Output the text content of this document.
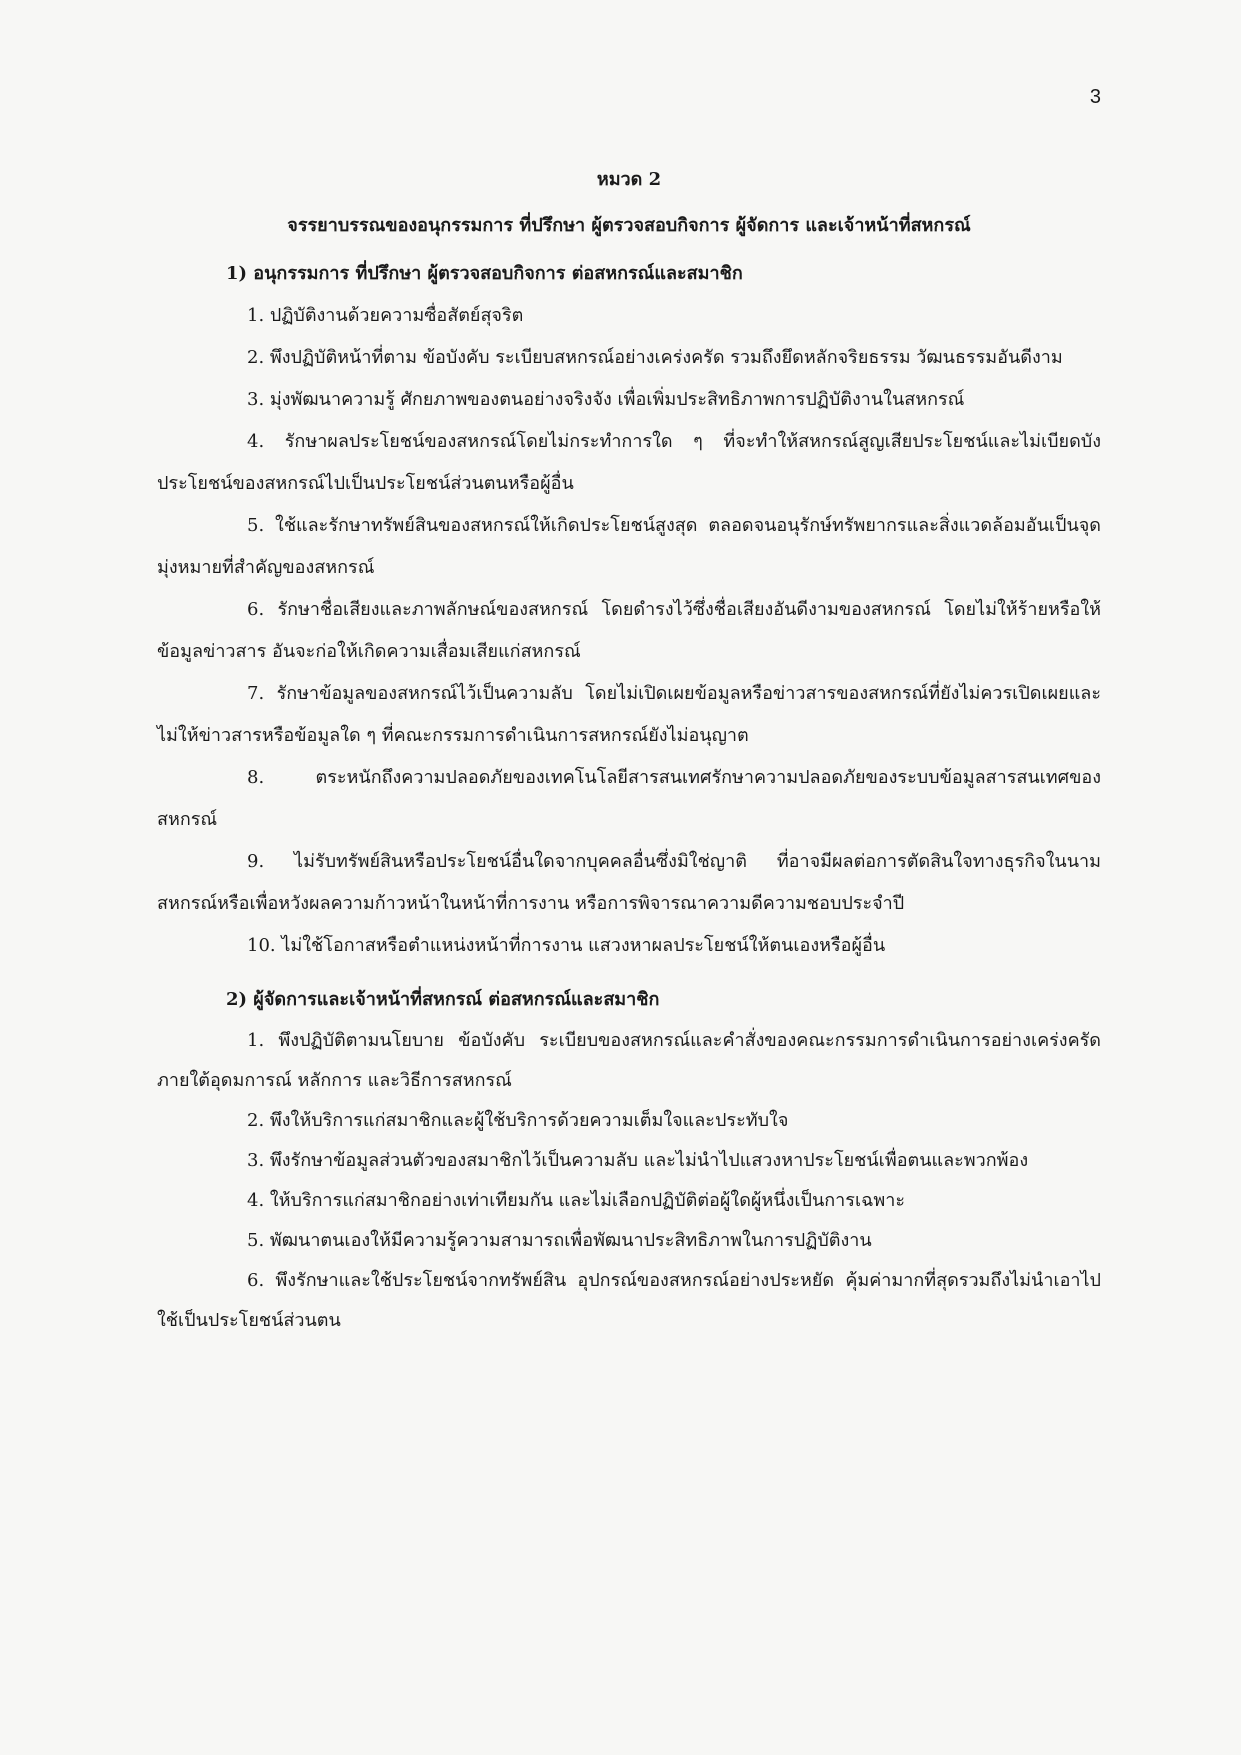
3

หมวด 2

จรรยาบรรณของอนุกรรมการ ที่ปรึกษา ผู้ตรวจสอบกิจการ ผู้จัดการ และเจ้าหน้าที่สหกรณ์

1) อนุกรรมการ ที่ปรึกษา ผู้ตรวจสอบกิจการ ต่อสหกรณ์และสมาชิก

1. ปฏิบัติงานด้วยความซื่อสัตย์สุจริต

2. พึงปฏิบัติหน้าที่ตาม ข้อบังคับ ระเบียบสหกรณ์อย่างเคร่งครัด รวมถึงยึดหลักจริยธรรม วัฒนธรรมอันดีงาม

3. มุ่งพัฒนาความรู้ ศักยภาพของตนอย่างจริงจัง เพื่อเพิ่มประสิทธิภาพการปฏิบัติงานในสหกรณ์

4. รักษาผลประโยชน์ของสหกรณ์โดยไม่กระทำการใด ๆ ที่จะทำให้สหกรณ์สูญเสียประโยชน์และไม่เบียดบังประโยชน์ของสหกรณ์ไปเป็นประโยชน์ส่วนตนหรือผู้อื่น

5. ใช้และรักษาทรัพย์สินของสหกรณ์ให้เกิดประโยชน์สูงสุด ตลอดจนอนุรักษ์ทรัพยากรและสิ่งแวดล้อมอันเป็นจุดมุ่งหมายที่สำคัญของสหกรณ์

6. รักษาชื่อเสียงและภาพลักษณ์ของสหกรณ์ โดยดำรงไว้ซึ่งชื่อเสียงอันดีงามของสหกรณ์ โดยไม่ให้ร้ายหรือให้ข้อมูลข่าวสาร อันจะก่อให้เกิดความเสื่อมเสียแก่สหกรณ์

7. รักษาข้อมูลของสหกรณ์ไว้เป็นความลับ โดยไม่เปิดเผยข้อมูลหรือข่าวสารของสหกรณ์ที่ยังไม่ควรเปิดเผยและไม่ให้ข่าวสารหรือข้อมูลใด ๆ ที่คณะกรรมการดำเนินการสหกรณ์ยังไม่อนุญาต

8. ตระหนักถึงความปลอดภัยของเทคโนโลยีสารสนเทศรักษาความปลอดภัยของระบบข้อมูลสารสนเทศของสหกรณ์

9. ไม่รับทรัพย์สินหรือประโยชน์อื่นใดจากบุคคลอื่นซึ่งมิใช่ญาติ ที่อาจมีผลต่อการตัดสินใจทางธุรกิจในนามสหกรณ์หรือเพื่อหวังผลความก้าวหน้าในหน้าที่การงาน หรือการพิจารณาความดีความชอบประจำปี

10. ไม่ใช้โอกาสหรือตำแหน่งหน้าที่การงาน แสวงหาผลประโยชน์ให้ตนเองหรือผู้อื่น

2) ผู้จัดการและเจ้าหน้าที่สหกรณ์ ต่อสหกรณ์และสมาชิก

1. พึงปฏิบัติตามนโยบาย ข้อบังคับ ระเบียบของสหกรณ์และคำสั่งของคณะกรรมการดำเนินการอย่างเคร่งครัด ภายใต้อุดมการณ์ หลักการ และวิธีการสหกรณ์

2. พึงให้บริการแก่สมาชิกและผู้ใช้บริการด้วยความเต็มใจและประทับใจ

3. พึงรักษาข้อมูลส่วนตัวของสมาชิกไว้เป็นความลับ และไม่นำไปแสวงหาประโยชน์เพื่อตนและพวกพ้อง

4. ให้บริการแก่สมาชิกอย่างเท่าเทียมกัน และไม่เลือกปฏิบัติต่อผู้ใดผู้หนึ่งเป็นการเฉพาะ

5. พัฒนาตนเองให้มีความรู้ความสามารถเพื่อพัฒนาประสิทธิภาพในการปฏิบัติงาน

6. พึงรักษาและใช้ประโยชน์จากทรัพย์สิน อุปกรณ์ของสหกรณ์อย่างประหยัด คุ้มค่ามากที่สุดรวมถึงไม่นำเอาไปใช้เป็นประโยชน์ส่วนตน
